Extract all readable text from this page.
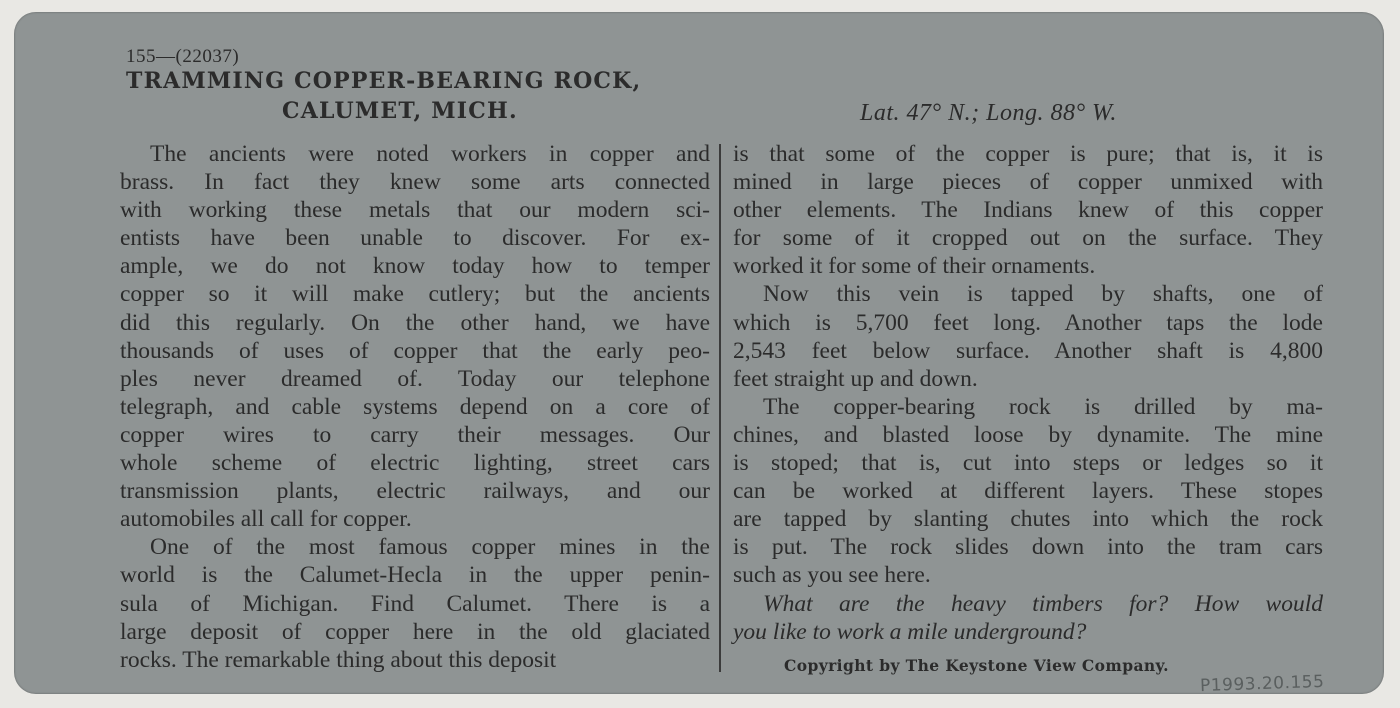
155—(22037)
TRAMMING COPPER-BEARING ROCK,
CALUMET, MICH.	Lat. 47° N.; Long. 88° W.
The ancients were noted workers in copper and
brass. In fact they knew some arts connected
with working these metals that our modern sci-
entists have been unable to discover. For ex-
ample, we do not know today how to temper
copper so it will make cutlery; but the ancients
did this regularly. On the other hand, we have
thousands of uses of copper that the early peo-
ples never dreamed of. Today our telephone
telegraph, and cable systems depend on a core of
copper wires to carry their messages. Our
whole scheme of electric lighting, street cars
transmission plants, electric railways, and our
automobiles all call for copper.
One of the most famous copper mines in the
world is the Calumet-Hecla in the upper penin-
sula of Michigan. Find Calumet. There is a
large deposit of copper here in the old glaciated
rocks. The remarkable thing about this deposit
is that some of the copper is pure; that is, it is
mined in large pieces of copper unmixed with
other elements. The Indians knew of this copper
for some of it cropped out on the surface. They
worked it for some of their ornaments.
Now this vein is tapped by shafts, one of
which is 5,700 feet long. Another taps the lode
2,543 feet below surface. Another shaft is 4,800
feet straight up and down.
The copper-bearing rock is drilled by ma-
chines, and blasted loose by dynamite. The mine
is stoped; that is, cut into steps or ledges so it
can be worked at different layers. These stopes
are tapped by slanting chutes into which the rock
is put. The rock slides down into the tram cars
such as you see here.
What are the heavy timbers for? How would
you like to work a mile underground?
Copyright by The Keystone View Company.
P1993.20.155
